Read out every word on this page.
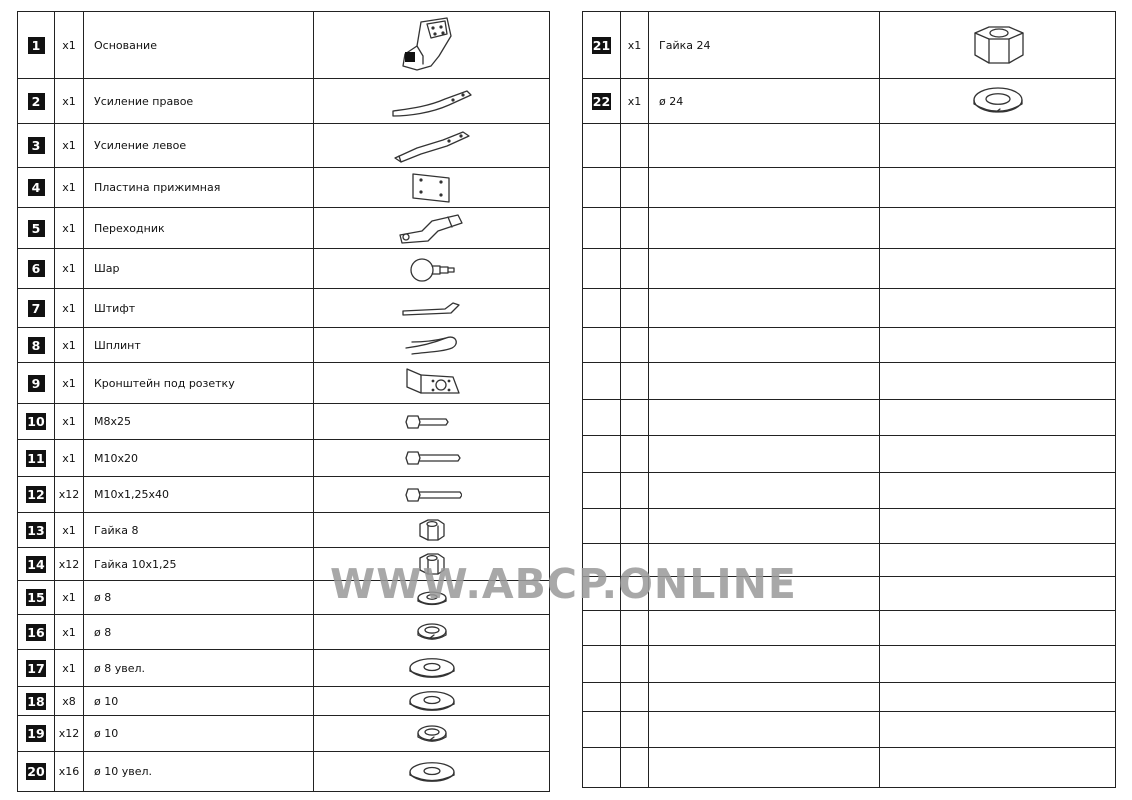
1	x1	Основание	

2	x1	Усиление правое	

3	x1	Усиление левое	

4	x1	Пластина прижимная	

5	x1	Переходник	

6	x1	Шар	

7	x1	Штифт	

8	x1	Шплинт	

9	x1	Кронштейн под розетку	

10	x1	М8х25	

11	x1	М10х20	

12	x12	М10х1,25х40	

13	x1	Гайка 8	

14	x12	Гайка 10х1,25	

15	x1	ø 8	

16	x1	ø 8	

17	x1	ø 8 увел.	

18	x8	ø 10	

19	x12	ø 10	

20	x16	ø 10 увел.	
21	x1	Гайка 24	

22	x1	ø 24	

WWW.ABCP.ONLINE
